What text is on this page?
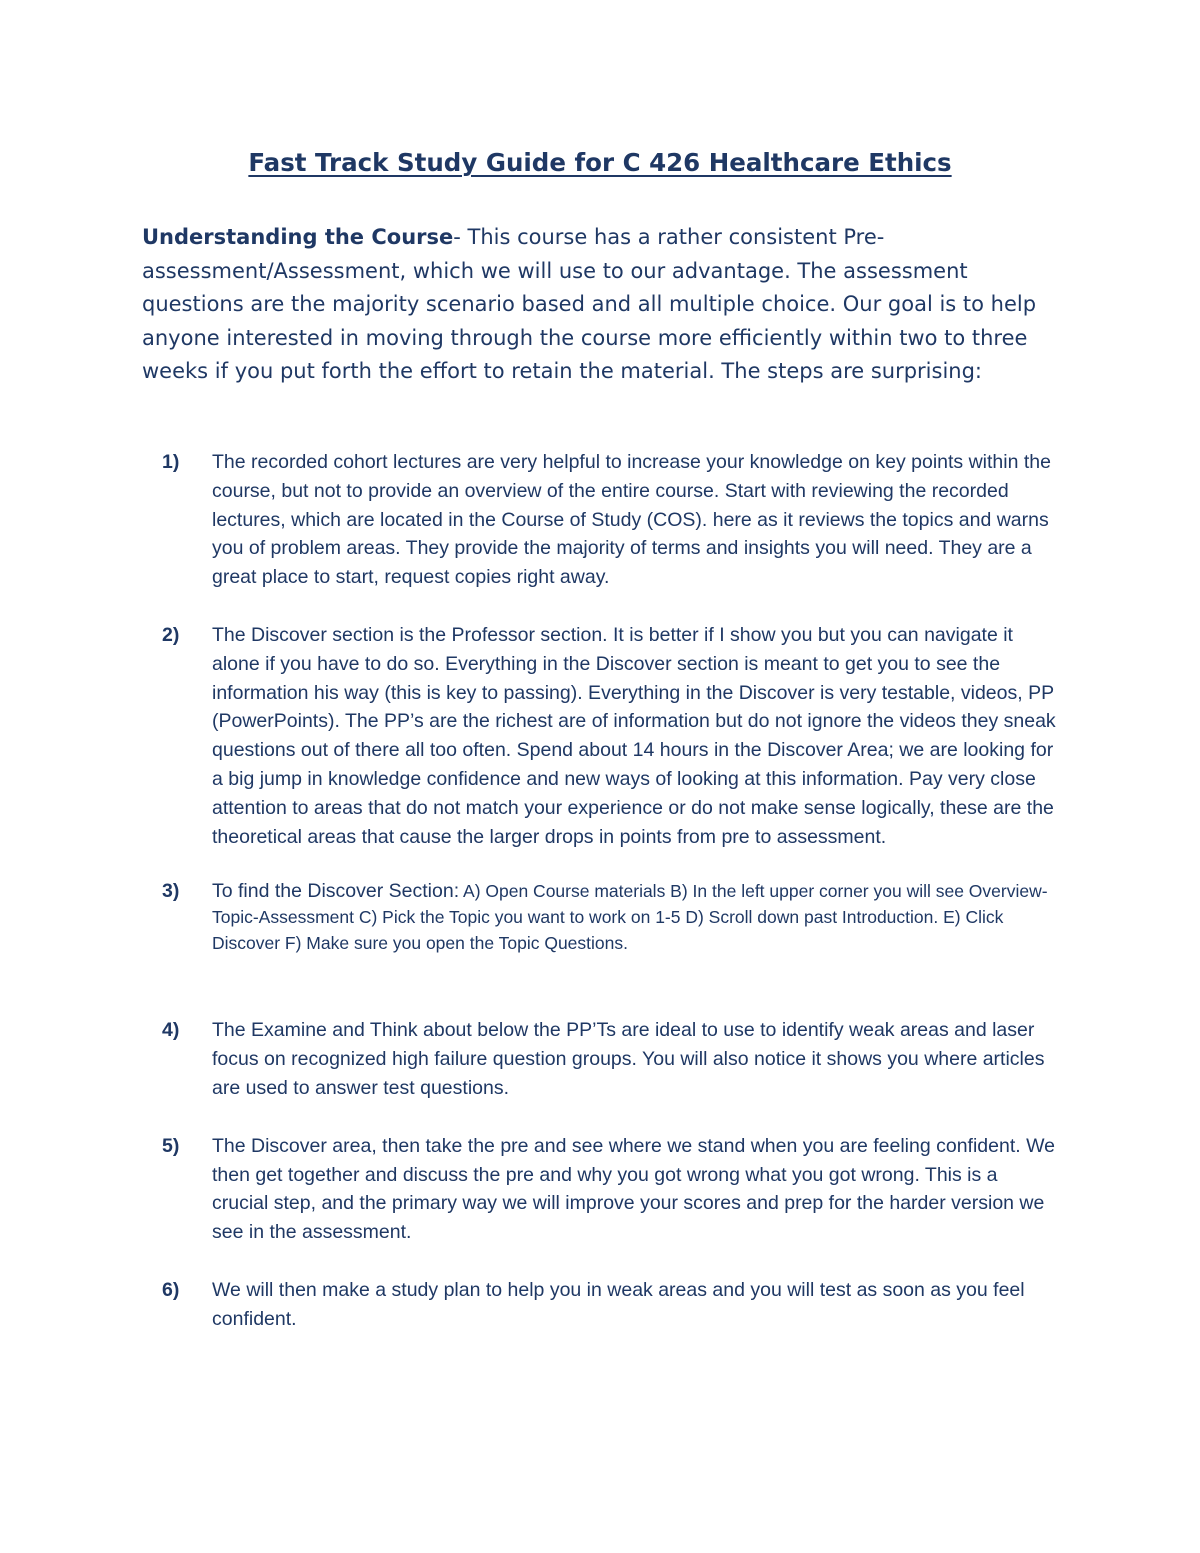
Fast Track Study Guide for C 426 Healthcare Ethics

Understanding the Course- This course has a rather consistent Pre-assessment/Assessment, which we will use to our advantage. The assessment questions are the majority scenario based and all multiple choice. Our goal is to help anyone interested in moving through the course more efficiently within two to three weeks if you put forth the effort to retain the material. The steps are surprising:

1) The recorded cohort lectures are very helpful to increase your knowledge on key points within the course, but not to provide an overview of the entire course. Start with reviewing the recorded lectures, which are located in the Course of Study (COS). here as it reviews the topics and warns you of problem areas. They provide the majority of terms and insights you will need. They are a great place to start, request copies right away.
2) The Discover section is the Professor section. It is better if I show you but you can navigate it alone if you have to do so. Everything in the Discover section is meant to get you to see the information his way (this is key to passing). Everything in the Discover is very testable, videos, PP (PowerPoints). The PP’s are the richest are of information but do not ignore the videos they sneak questions out of there all too often. Spend about 14 hours in the Discover Area; we are looking for a big jump in knowledge confidence and new ways of looking at this information. Pay very close attention to areas that do not match your experience or do not make sense logically, these are the theoretical areas that cause the larger drops in points from pre to assessment.
3) To find the Discover Section: A) Open Course materials B) In the left upper corner you will see Overview-Topic-Assessment C) Pick the Topic you want to work on 1-5 D) Scroll down past Introduction. E) Click Discover F) Make sure you open the Topic Questions.
4) The Examine and Think about below the PP’Ts are ideal to use to identify weak areas and laser focus on recognized high failure question groups. You will also notice it shows you where articles are used to answer test questions.
5) The Discover area, then take the pre and see where we stand when you are feeling confident. We then get together and discuss the pre and why you got wrong what you got wrong. This is a crucial step, and the primary way we will improve your scores and prep for the harder version we see in the assessment.
6) We will then make a study plan to help you in weak areas and you will test as soon as you feel confident.
